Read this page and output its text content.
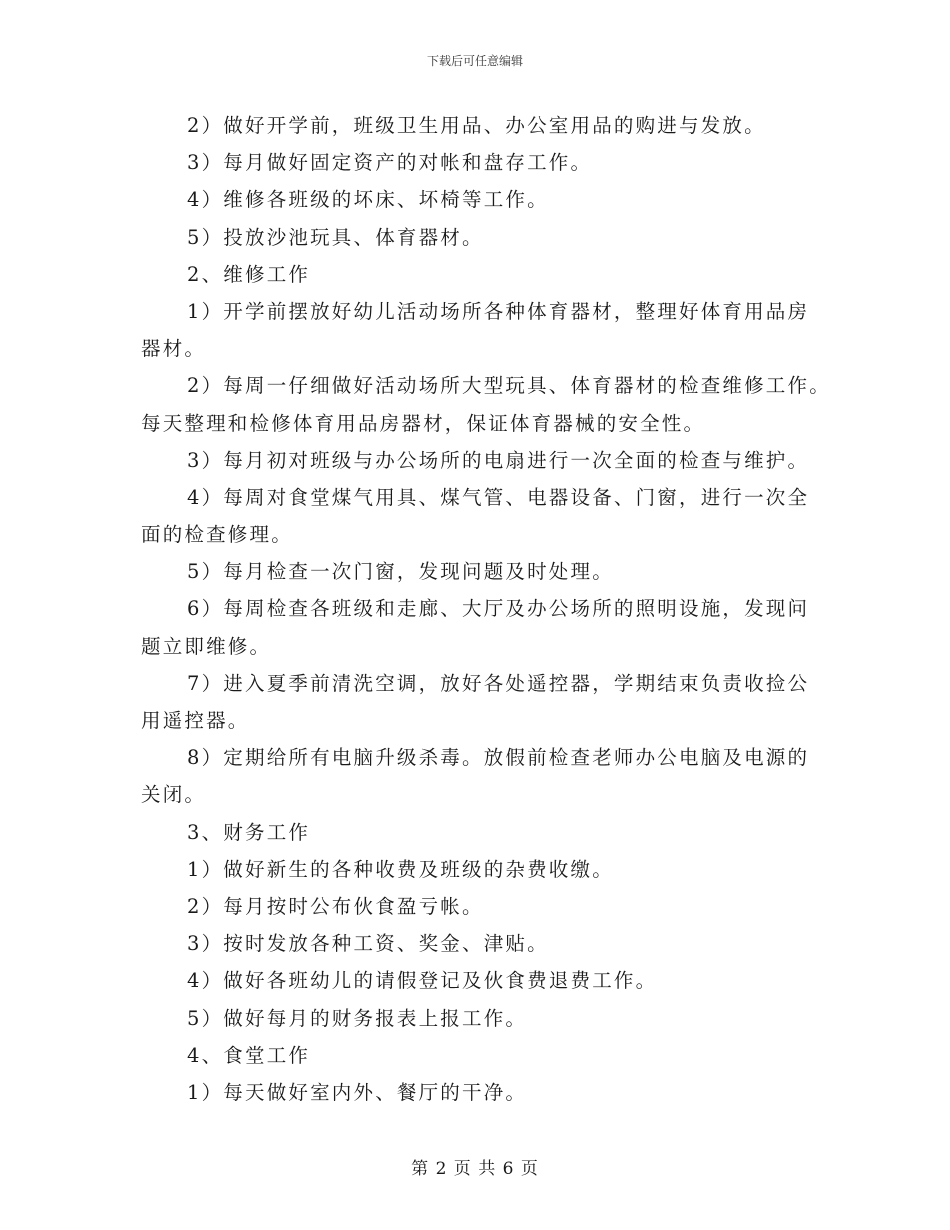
下载后可任意编辑
2）做好开学前，班级卫生用品、办公室用品的购进与发放。
3）每月做好固定资产的对帐和盘存工作。
4）维修各班级的坏床、坏椅等工作。
5）投放沙池玩具、体育器材。
2、维修工作
1）开学前摆放好幼儿活动场所各种体育器材，整理好体育用品房
器材。
2）每周一仔细做好活动场所大型玩具、体育器材的检查维修工作。
每天整理和检修体育用品房器材，保证体育器械的安全性。
3）每月初对班级与办公场所的电扇进行一次全面的检查与维护。
4）每周对食堂煤气用具、煤气管、电器设备、门窗，进行一次全
面的检查修理。
5）每月检查一次门窗，发现问题及时处理。
6）每周检查各班级和走廊、大厅及办公场所的照明设施，发现问
题立即维修。
7）进入夏季前清洗空调，放好各处遥控器，学期结束负责收捡公
用遥控器。
8）定期给所有电脑升级杀毒。放假前检查老师办公电脑及电源的
关闭。
3、财务工作
1）做好新生的各种收费及班级的杂费收缴。
2）每月按时公布伙食盈亏帐。
3）按时发放各种工资、奖金、津贴。
4）做好各班幼儿的请假登记及伙食费退费工作。
5）做好每月的财务报表上报工作。
4、食堂工作
1）每天做好室内外、餐厅的干净。
第 2 页 共 6 页
